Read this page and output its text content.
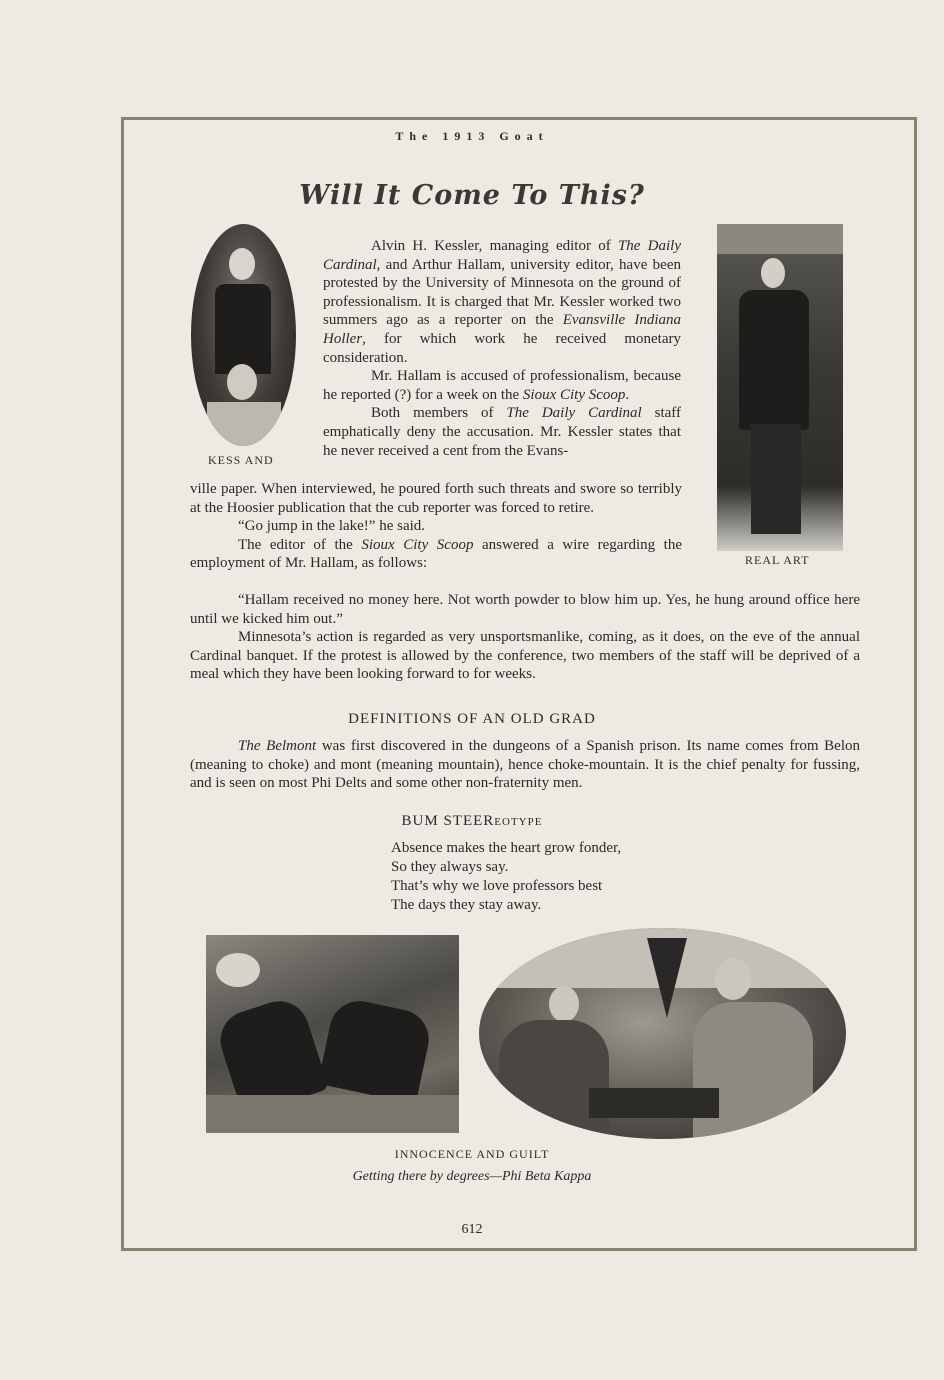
The 1913 Goat
Will It Come To This?
KESS AND
REAL ART

Alvin H. Kessler, managing editor of The Daily Cardinal, and Arthur Hallam, university editor, have been protested by the University of Minnesota on the ground of professionalism. It is charged that Mr. Kessler worked two summers ago as a reporter on the Evansville Indiana Holler, for which work he received monetary consideration.

Mr. Hallam is accused of professionalism, because he reported (?) for a week on the Sioux City Scoop.

Both members of The Daily Cardinal staff emphatically deny the accusation. Mr. Kessler states that he never received a cent from the Evans-

ville paper. When interviewed, he poured forth such threats and swore so terribly at the Hoosier publication that the cub reporter was forced to retire.

“Go jump in the lake!” he said.

The editor of the Sioux City Scoop answered a wire regarding the employment of Mr. Hallam, as follows:

“Hallam received no money here. Not worth powder to blow him up. Yes, he hung around office here until we kicked him out.”

Minnesota’s action is regarded as very unsportsmanlike, coming, as it does, on the eve of the annual Cardinal banquet. If the protest is allowed by the conference, two members of the staff will be deprived of a meal which they have been looking forward to for weeks.

DEFINITIONS OF AN OLD GRAD

The Belmont was first discovered in the dungeons of a Spanish prison. Its name comes from Belon (meaning to choke) and mont (meaning mountain), hence choke-mountain. It is the chief penalty for fussing, and is seen on most Phi Delts and some other non-fraternity men.

BUM STEEREOTYPE
Absence makes the heart grow fonder,
So they always say.
That’s why we love professors best
The days they stay away.
INNOCENCE AND GUILT
Getting there by degrees—Phi Beta Kappa
612
